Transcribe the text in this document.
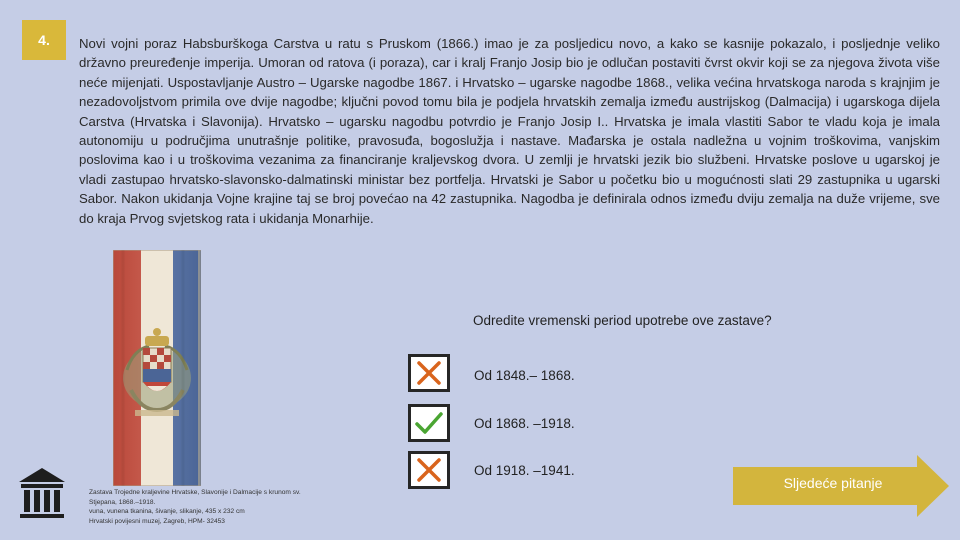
4.	Novi vojni poraz Habsburškoga Carstva u ratu s Pruskom (1866.) imao je za posljedicu novo, a kako se kasnije pokazalo, i posljednje veliko državno preuređenje imperija. Umoran od ratova (i poraza), car i kralj Franjo Josip bio je odlučan postaviti čvrst okvir koji se za njegova života više neće mijenjati. Uspostavljanje Austro – Ugarske nagodbe 1867. i Hrvatsko – ugarske nagodbe 1868., velika većina hrvatskoga naroda s krajnjim je nezadovoljstvom primila ove dvije nagodbe; ključni povod tomu bila je podjela hrvatskih zemalja između austrijskog (Dalmacija) i ugarskoga dijela Carstva (Hrvatska i Slavonija). Hrvatsko – ugarsku nagodbu potvrdio je Franjo Josip I.. Hrvatska je imala vlastiti Sabor te vladu koja je imala autonomiju u područjima unutrašnje politike, pravosuđa, bogoslužja i nastave. Mađarska je ostala nadležna u vojnim troškovima, vanjskim poslovima kao i u troškovima vezanima za financiranje kraljevskog dvora. U zemlji je hrvatski jezik bio službeni. Hrvatske poslove u ugarskoj je vladi zastupao hrvatsko-slavonsko-dalmatinski ministar bez portfelja. Hrvatski je Sabor u početku bio u mogućnosti slati 29 zastupnika u ugarski Sabor. Nakon ukidanja Vojne krajine taj se broj povećao na 42 zastupnika. Nagodba je definirala odnos između dviju zemalja na duže vrijeme, sve do kraja Prvog svjetskog rata i ukidanja Monarhije.

Zastava Trojedne kraljevine Hrvatske, Slavonije i Dalmacije s krunom sv.
Stjepana, 1868.–1918.
vuna, vunena tkanina, šivanje, slikanje, 435 x 232 cm
Hrvatski povijesni muzej, Zagreb, HPM- 32453
Odredite vremenski period upotrebe ove zastave?
Od 1848.– 1868.
Od 1868. –1918.
Od 1918. –1941.
Sljedeće pitanje
